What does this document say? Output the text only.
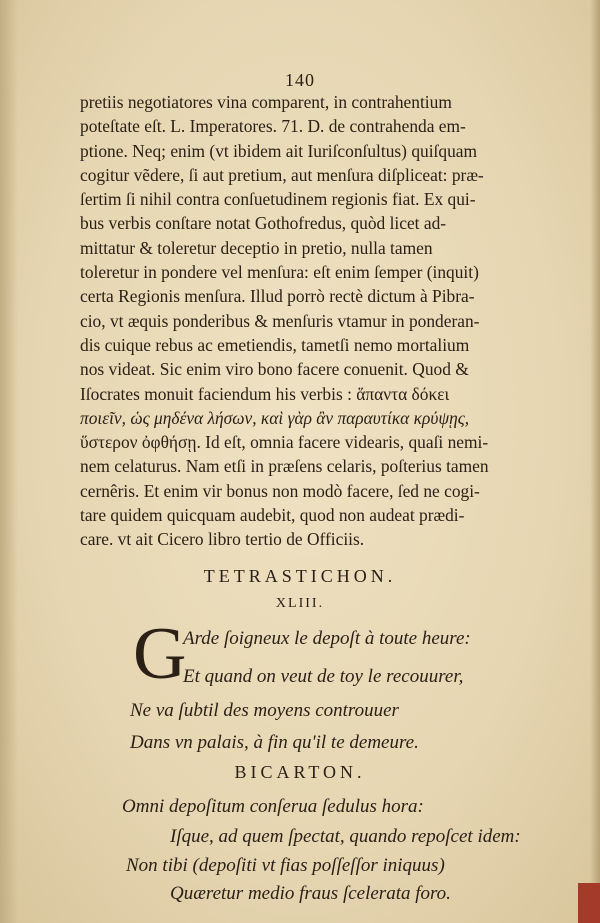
140
pretiis negotiatores vina comparent, in contrahentium
poteſtate eſt. L. Imperatores. 71. D. de contrahenda em-
ptione. Neq; enim (vt ibidem ait Iuriſconſultus) quiſquam
cogitur vẽdere, ſi aut pretium, aut menſura diſpliceat: præ-
ſertim ſi nihil contra conſuetudinem regionis fiat. Ex qui-
bus verbis conſtare notat Gothofredus, quòd licet ad-
mittatur & toleretur deceptio in pretio, nulla tamen
toleretur in pondere vel menſura: eſt enim ſemper (inquit)
certa Regionis menſura. Illud porrò rectè dictum à Pibra-
cio, vt æquis ponderibus & menſuris vtamur in ponderan-
dis cuique rebus ac emetiendis, tametſi nemo mortalium
nos videat. Sic enim viro bono facere conuenit. Quod &
Iſocrates monuit faciendum his verbis : ἅπαντα δόκει
ποιεῖν, ὡς μηδένα λήσων, καὶ γὰρ ἂν παραυτίκα κρύψῃς,
ὕστερον ὀφθήσῃ. Id eſt, omnia facere videaris, quaſi nemi-
nem celaturus. Nam etſi in præſens celaris, poſterius tamen
cernêris. Et enim vir bonus non modò facere, ſed ne cogi-
tare quidem quicquam audebit, quod non audeat prædi-
care. vt ait Cicero libro tertio de Officiis.
TETRASTICHON.
XLIII.
G
Arde ſoigneux le depoſt à toute heure:
Et quand on veut de toy le recouurer,
Ne va ſubtil des moyens controuuer
Dans vn palais, à fin qu'il te demeure.
BICARTON.
Omni depoſitum conſerua ſedulus hora:
Iſque, ad quem ſpectat, quando repoſcet idem:
Non tibi (depoſiti vt fias poſſeſſor iniquus)
Quæretur medio fraus ſcelerata foro.
